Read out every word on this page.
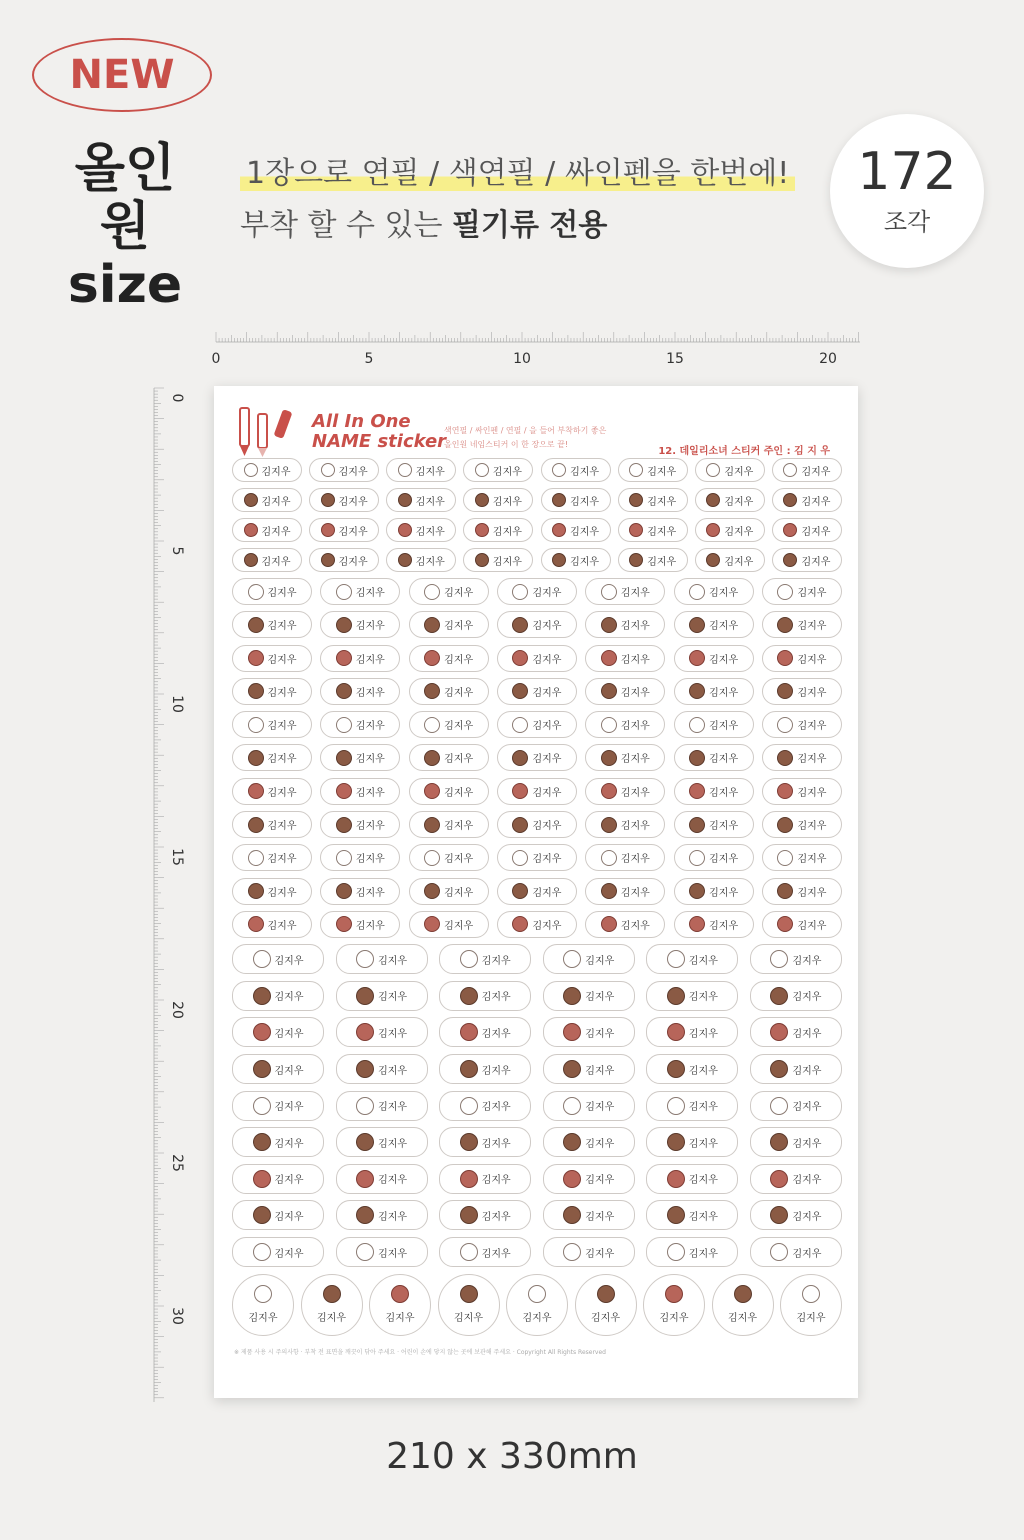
NEW
올인원
size
1장으로 연필 / 색연필 / 싸인펜을 한번에!
부착 할 수 있는 필기류 전용
172
조각
0	5	10	15	20
0
5
10
15
20
25
30
All In One
NAME sticker
색연필 / 싸인펜 / 연필 / 을 들어 부착하기 좋은
올인원 네임스티커 이 한 장으로 끝!
12. 데일리소녀 스티커 주인 : 김 지 우
김지우	김지우	김지우	김지우	김지우	김지우	김지우	김지우
김지우	김지우	김지우	김지우	김지우	김지우	김지우	김지우
김지우	김지우	김지우	김지우	김지우	김지우	김지우	김지우
김지우	김지우	김지우	김지우	김지우	김지우	김지우	김지우
김지우	김지우	김지우	김지우	김지우	김지우	김지우
김지우	김지우	김지우	김지우	김지우	김지우	김지우
김지우	김지우	김지우	김지우	김지우	김지우	김지우
김지우	김지우	김지우	김지우	김지우	김지우	김지우
김지우	김지우	김지우	김지우	김지우	김지우	김지우
김지우	김지우	김지우	김지우	김지우	김지우	김지우
김지우	김지우	김지우	김지우	김지우	김지우	김지우
김지우	김지우	김지우	김지우	김지우	김지우	김지우
김지우	김지우	김지우	김지우	김지우	김지우	김지우
김지우	김지우	김지우	김지우	김지우	김지우	김지우
김지우	김지우	김지우	김지우	김지우	김지우	김지우
김지우	김지우	김지우	김지우	김지우	김지우
김지우	김지우	김지우	김지우	김지우	김지우
김지우	김지우	김지우	김지우	김지우	김지우
김지우	김지우	김지우	김지우	김지우	김지우
김지우	김지우	김지우	김지우	김지우	김지우
김지우	김지우	김지우	김지우	김지우	김지우
김지우	김지우	김지우	김지우	김지우	김지우
김지우	김지우	김지우	김지우	김지우	김지우
김지우	김지우	김지우	김지우	김지우	김지우
김지우	김지우	김지우	김지우	김지우	김지우	김지우	김지우	김지우
※ 제품 사용 시 주의사항 · 부착 전 표면을 깨끗이 닦아 주세요 · 어린이 손에 닿지 않는 곳에 보관해 주세요 · Copyright All Rights Reserved
210 x 330mm
